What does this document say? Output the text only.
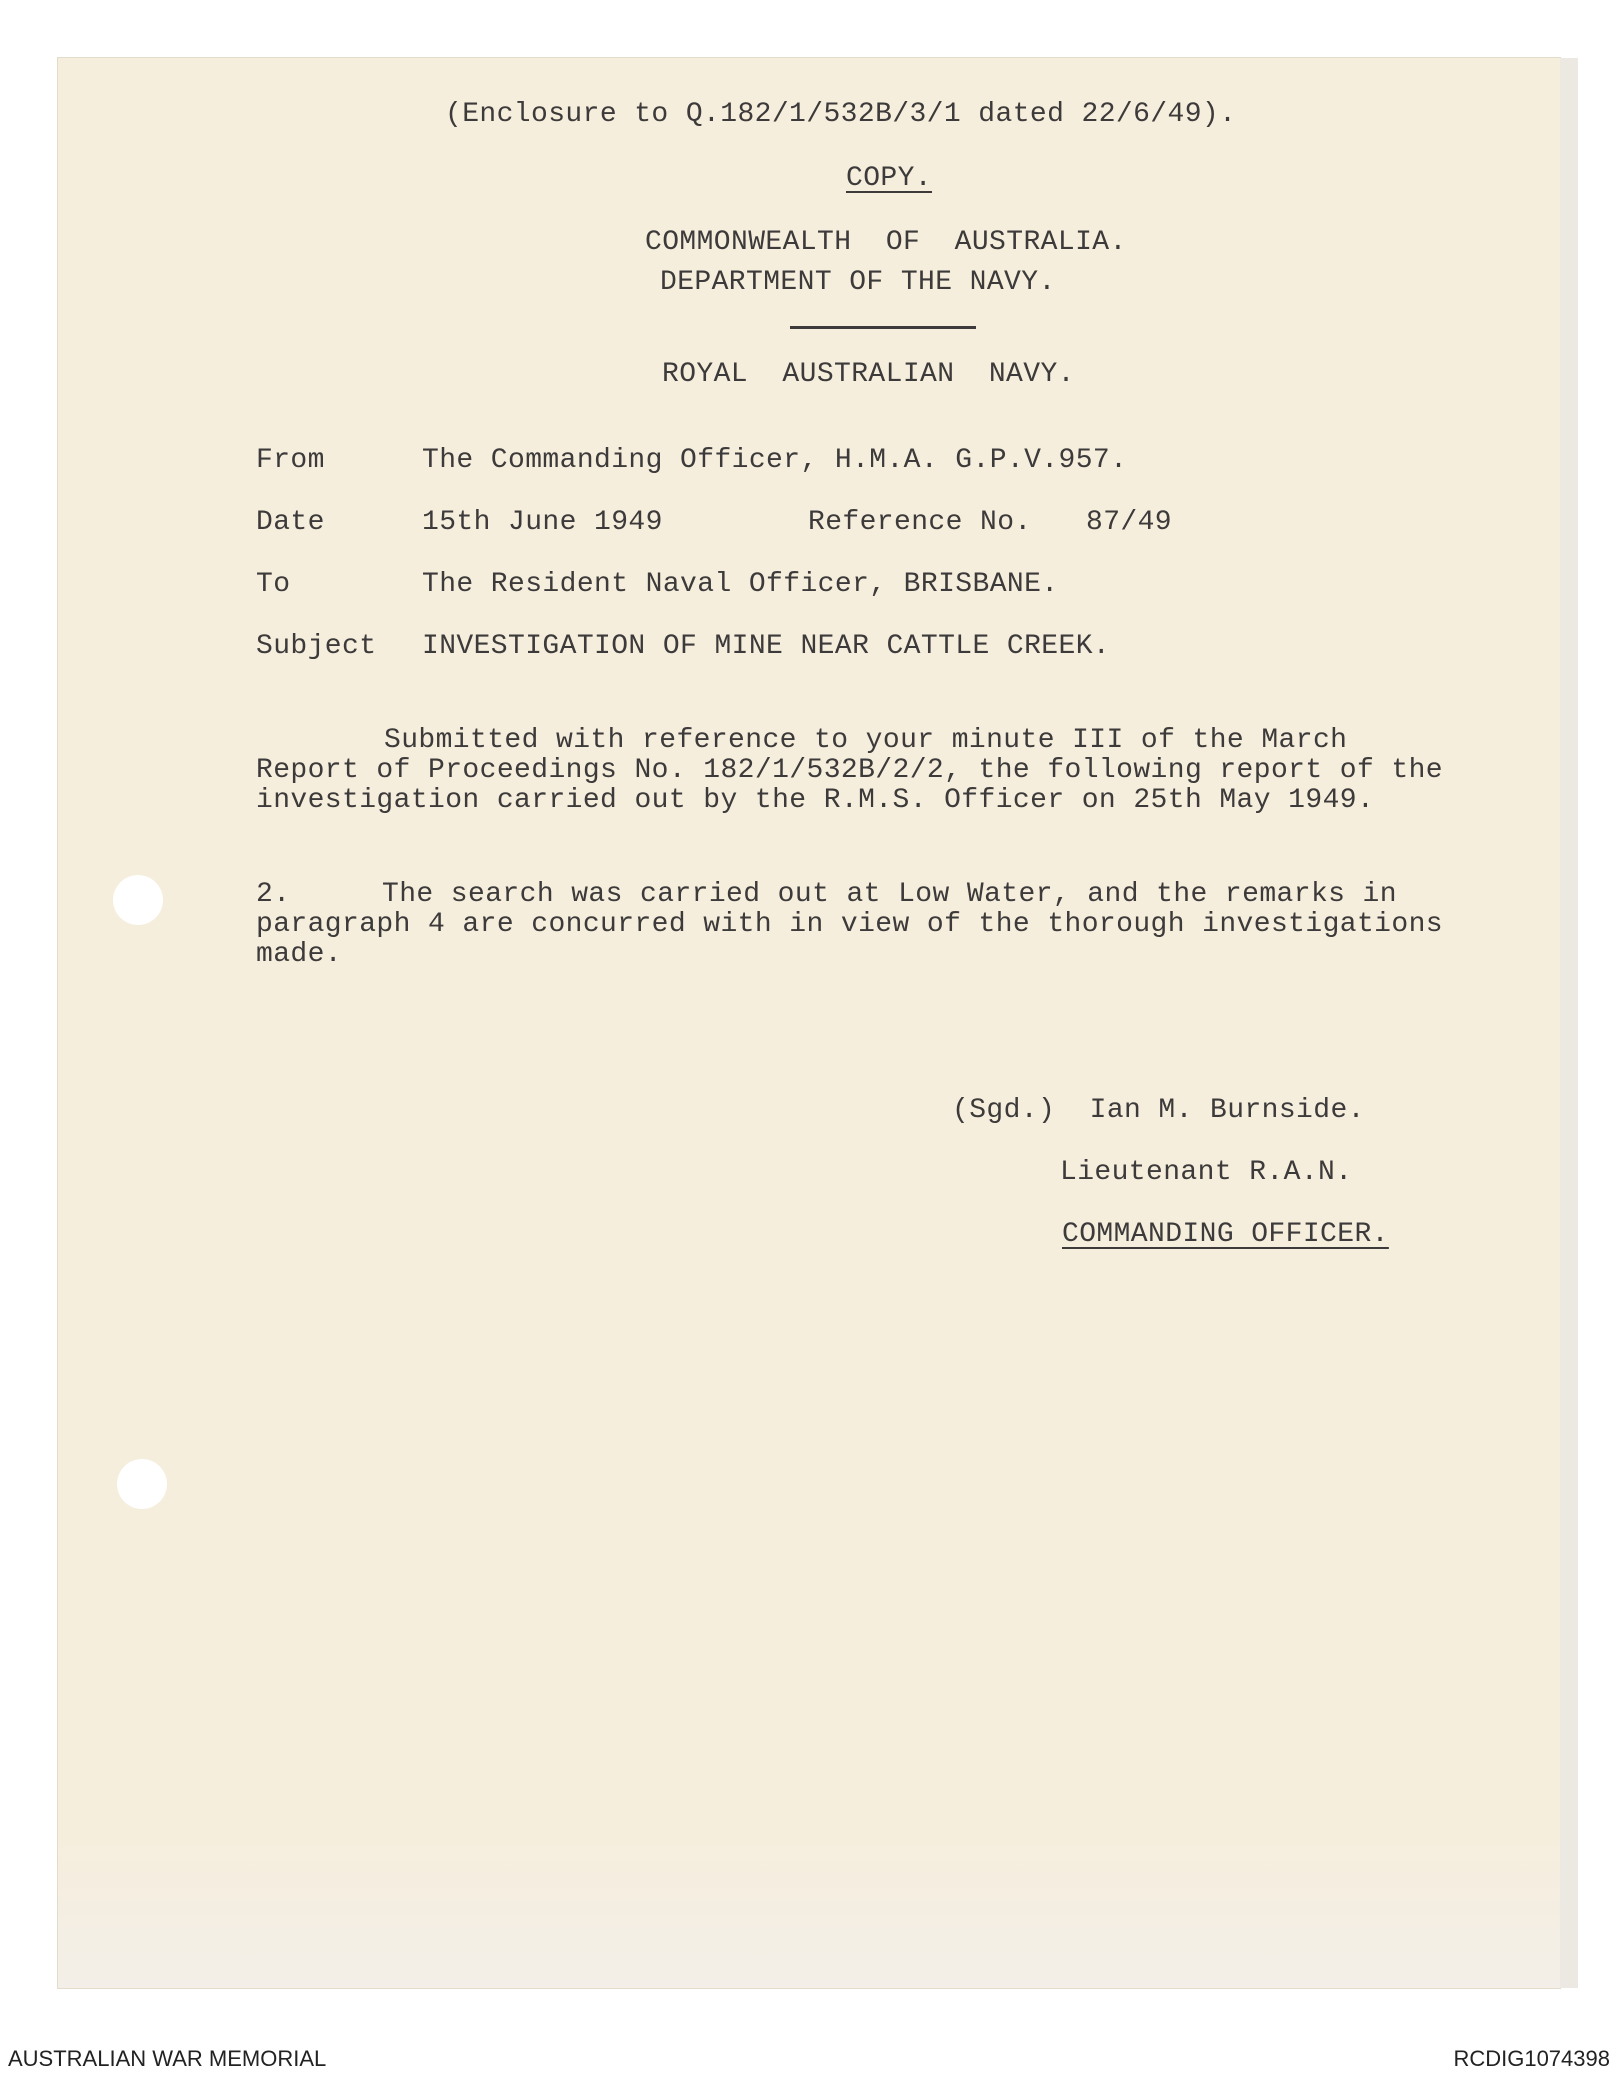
(Enclosure to Q.182/1/532B/3/1 dated 22/6/49).
COPY.
COMMONWEALTH  OF  AUSTRALIA.
DEPARTMENT OF THE NAVY.
ROYAL  AUSTRALIAN  NAVY.
From	The Commanding Officer, H.M.A. G.P.V.957.
Date	15th June 1949	Reference No. 87/49
To	The Resident Naval Officer, BRISBANE.
Subject INVESTIGATION OF MINE NEAR CATTLE CREEK.

Submitted with reference to your minute III of the March Report of Proceedings No. 182/1/532B/2/2, the following report of the investigation carried out by the R.M.S. Officer on 25th May 1949.

2.	The search was carried out at Low Water, and the remarks in paragraph 4 are concurred with in view of the thorough investigations made.

(Sgd.)  Ian M. Burnside.
Lieutenant R.A.N.
COMMANDING OFFICER.
AUSTRALIAN WAR MEMORIAL	RCDIG1074398
